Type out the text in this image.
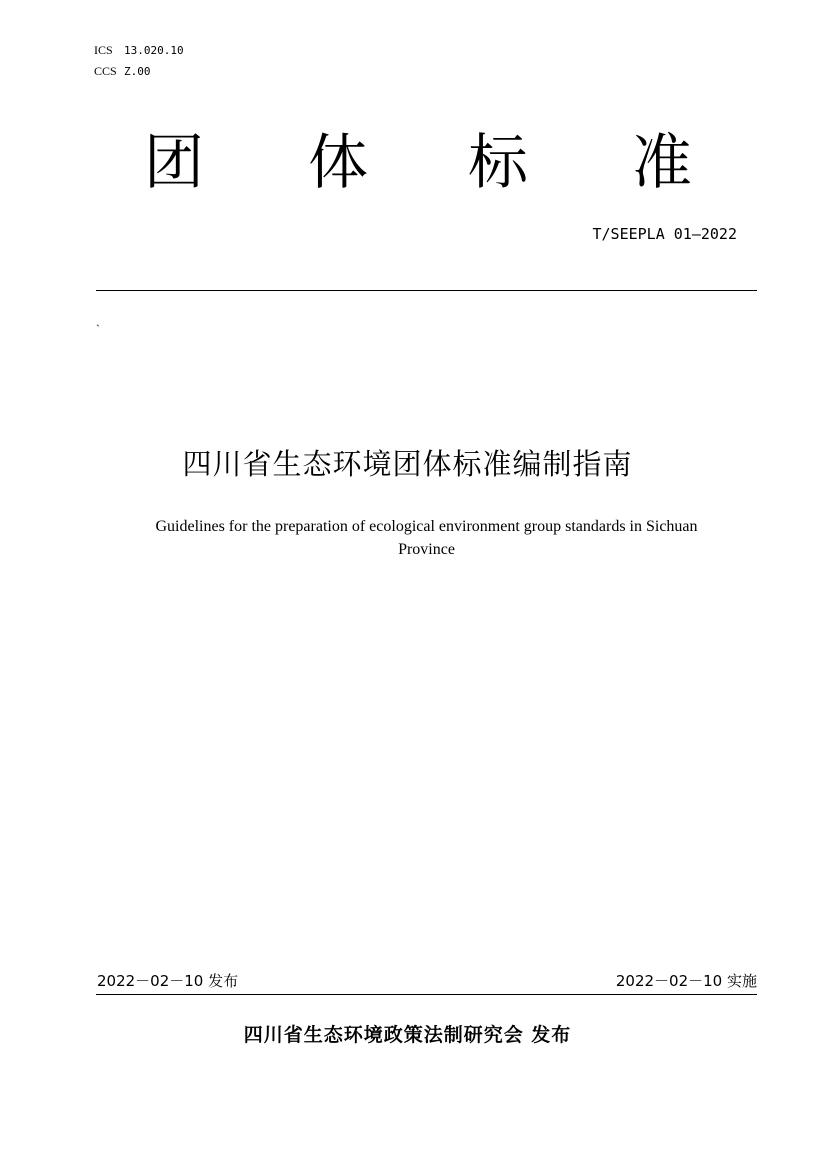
ICS 13.020.10
CCS Z.00
团 体 标 准
T/SEEPLA 01—2022
`
四川省生态环境团体标准编制指南
Guidelines for the preparation of ecological environment group standards in Sichuan
Province
2022－02－10 发布	2022－02－10 实施
四川省生态环境政策法制研究会 发布
